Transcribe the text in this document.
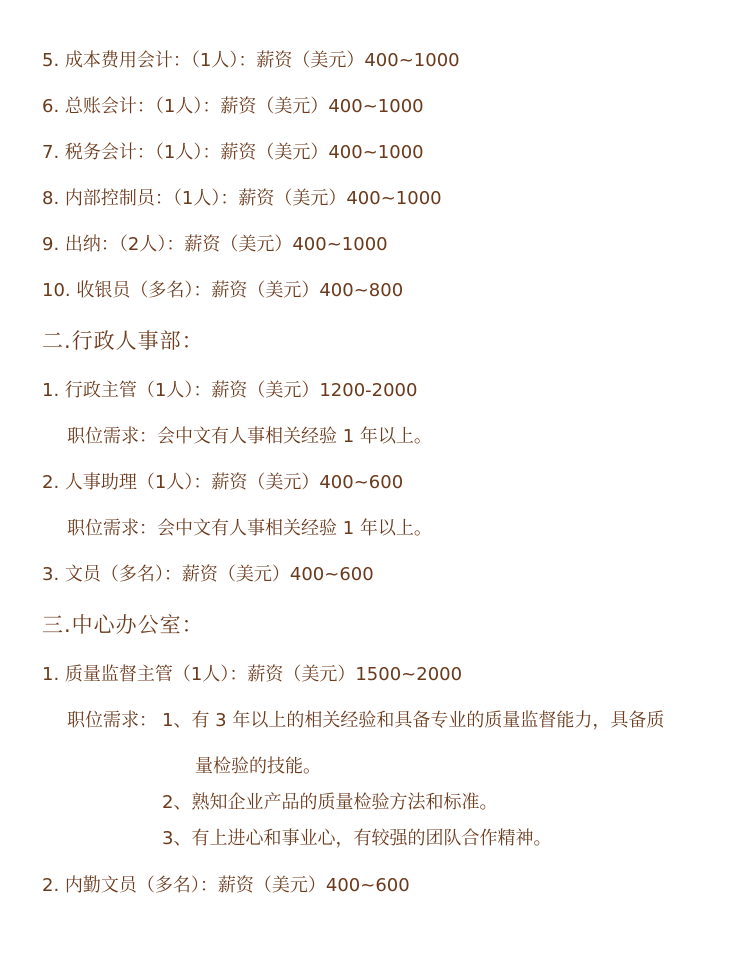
5. 成本费用会计：（1人）：薪资（美元）400~1000
6. 总账会计：（1人）：薪资（美元）400~1000
7. 税务会计：（1人）：薪资（美元）400~1000
8. 内部控制员：（1人）：薪资（美元）400~1000
9. 出纳：（2人）：薪资（美元）400~1000
10. 收银员（多名）：薪资（美元）400~800
二.行政人事部：
1. 行政主管（1人）：薪资（美元）1200-2000
职位需求：会中文有人事相关经验 1 年以上。
2. 人事助理（1人）：薪资（美元）400~600
职位需求：会中文有人事相关经验 1 年以上。
3. 文员（多名）：薪资（美元）400~600
三.中心办公室：
1. 质量监督主管（1人）：薪资（美元）1500~2000
职位需求： 1、有 3 年以上的相关经验和具备专业的质量监督能力，具备质
量检验的技能。
2、熟知企业产品的质量检验方法和标准。
3、有上进心和事业心，有较强的团队合作精神。
2. 内勤文员（多名）：薪资（美元）400~600
